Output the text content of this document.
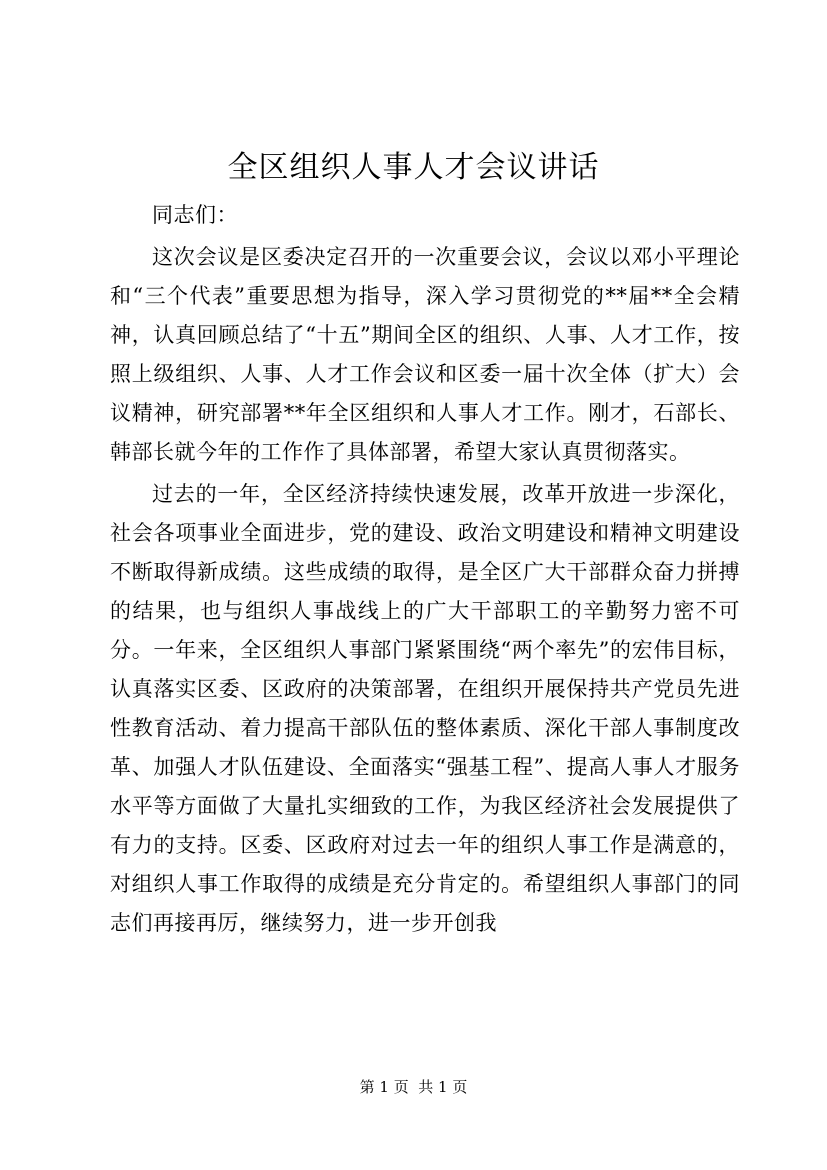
全区组织人事人才会议讲话

同志们：

这次会议是区委决定召开的一次重要会议，会议以邓小平理论和“三个代表”重要思想为指导，深入学习贯彻党的**届**全会精神，认真回顾总结了“十五”期间全区的组织、人事、人才工作，按照上级组织、人事、人才工作会议和区委一届十次全体（扩大）会议精神，研究部署**年全区组织和人事人才工作。刚才，石部长、韩部长就今年的工作作了具体部署，希望大家认真贯彻落实。

过去的一年，全区经济持续快速发展，改革开放进一步深化，社会各项事业全面进步，党的建设、政治文明建设和精神文明建设不断取得新成绩。这些成绩的取得，是全区广大干部群众奋力拼搏的结果，也与组织人事战线上的广大干部职工的辛勤努力密不可分。一年来，全区组织人事部门紧紧围绕“两个率先”的宏伟目标，认真落实区委、区政府的决策部署，在组织开展保持共产党员先进性教育活动、着力提高干部队伍的整体素质、深化干部人事制度改革、加强人才队伍建设、全面落实“强基工程”、提高人事人才服务水平等方面做了大量扎实细致的工作，为我区经济社会发展提供了有力的支持。区委、区政府对过去一年的组织人事工作是满意的，对组织人事工作取得的成绩是充分肯定的。希望组织人事部门的同志们再接再厉，继续努力，进一步开创我

第 1 页  共 1 页
